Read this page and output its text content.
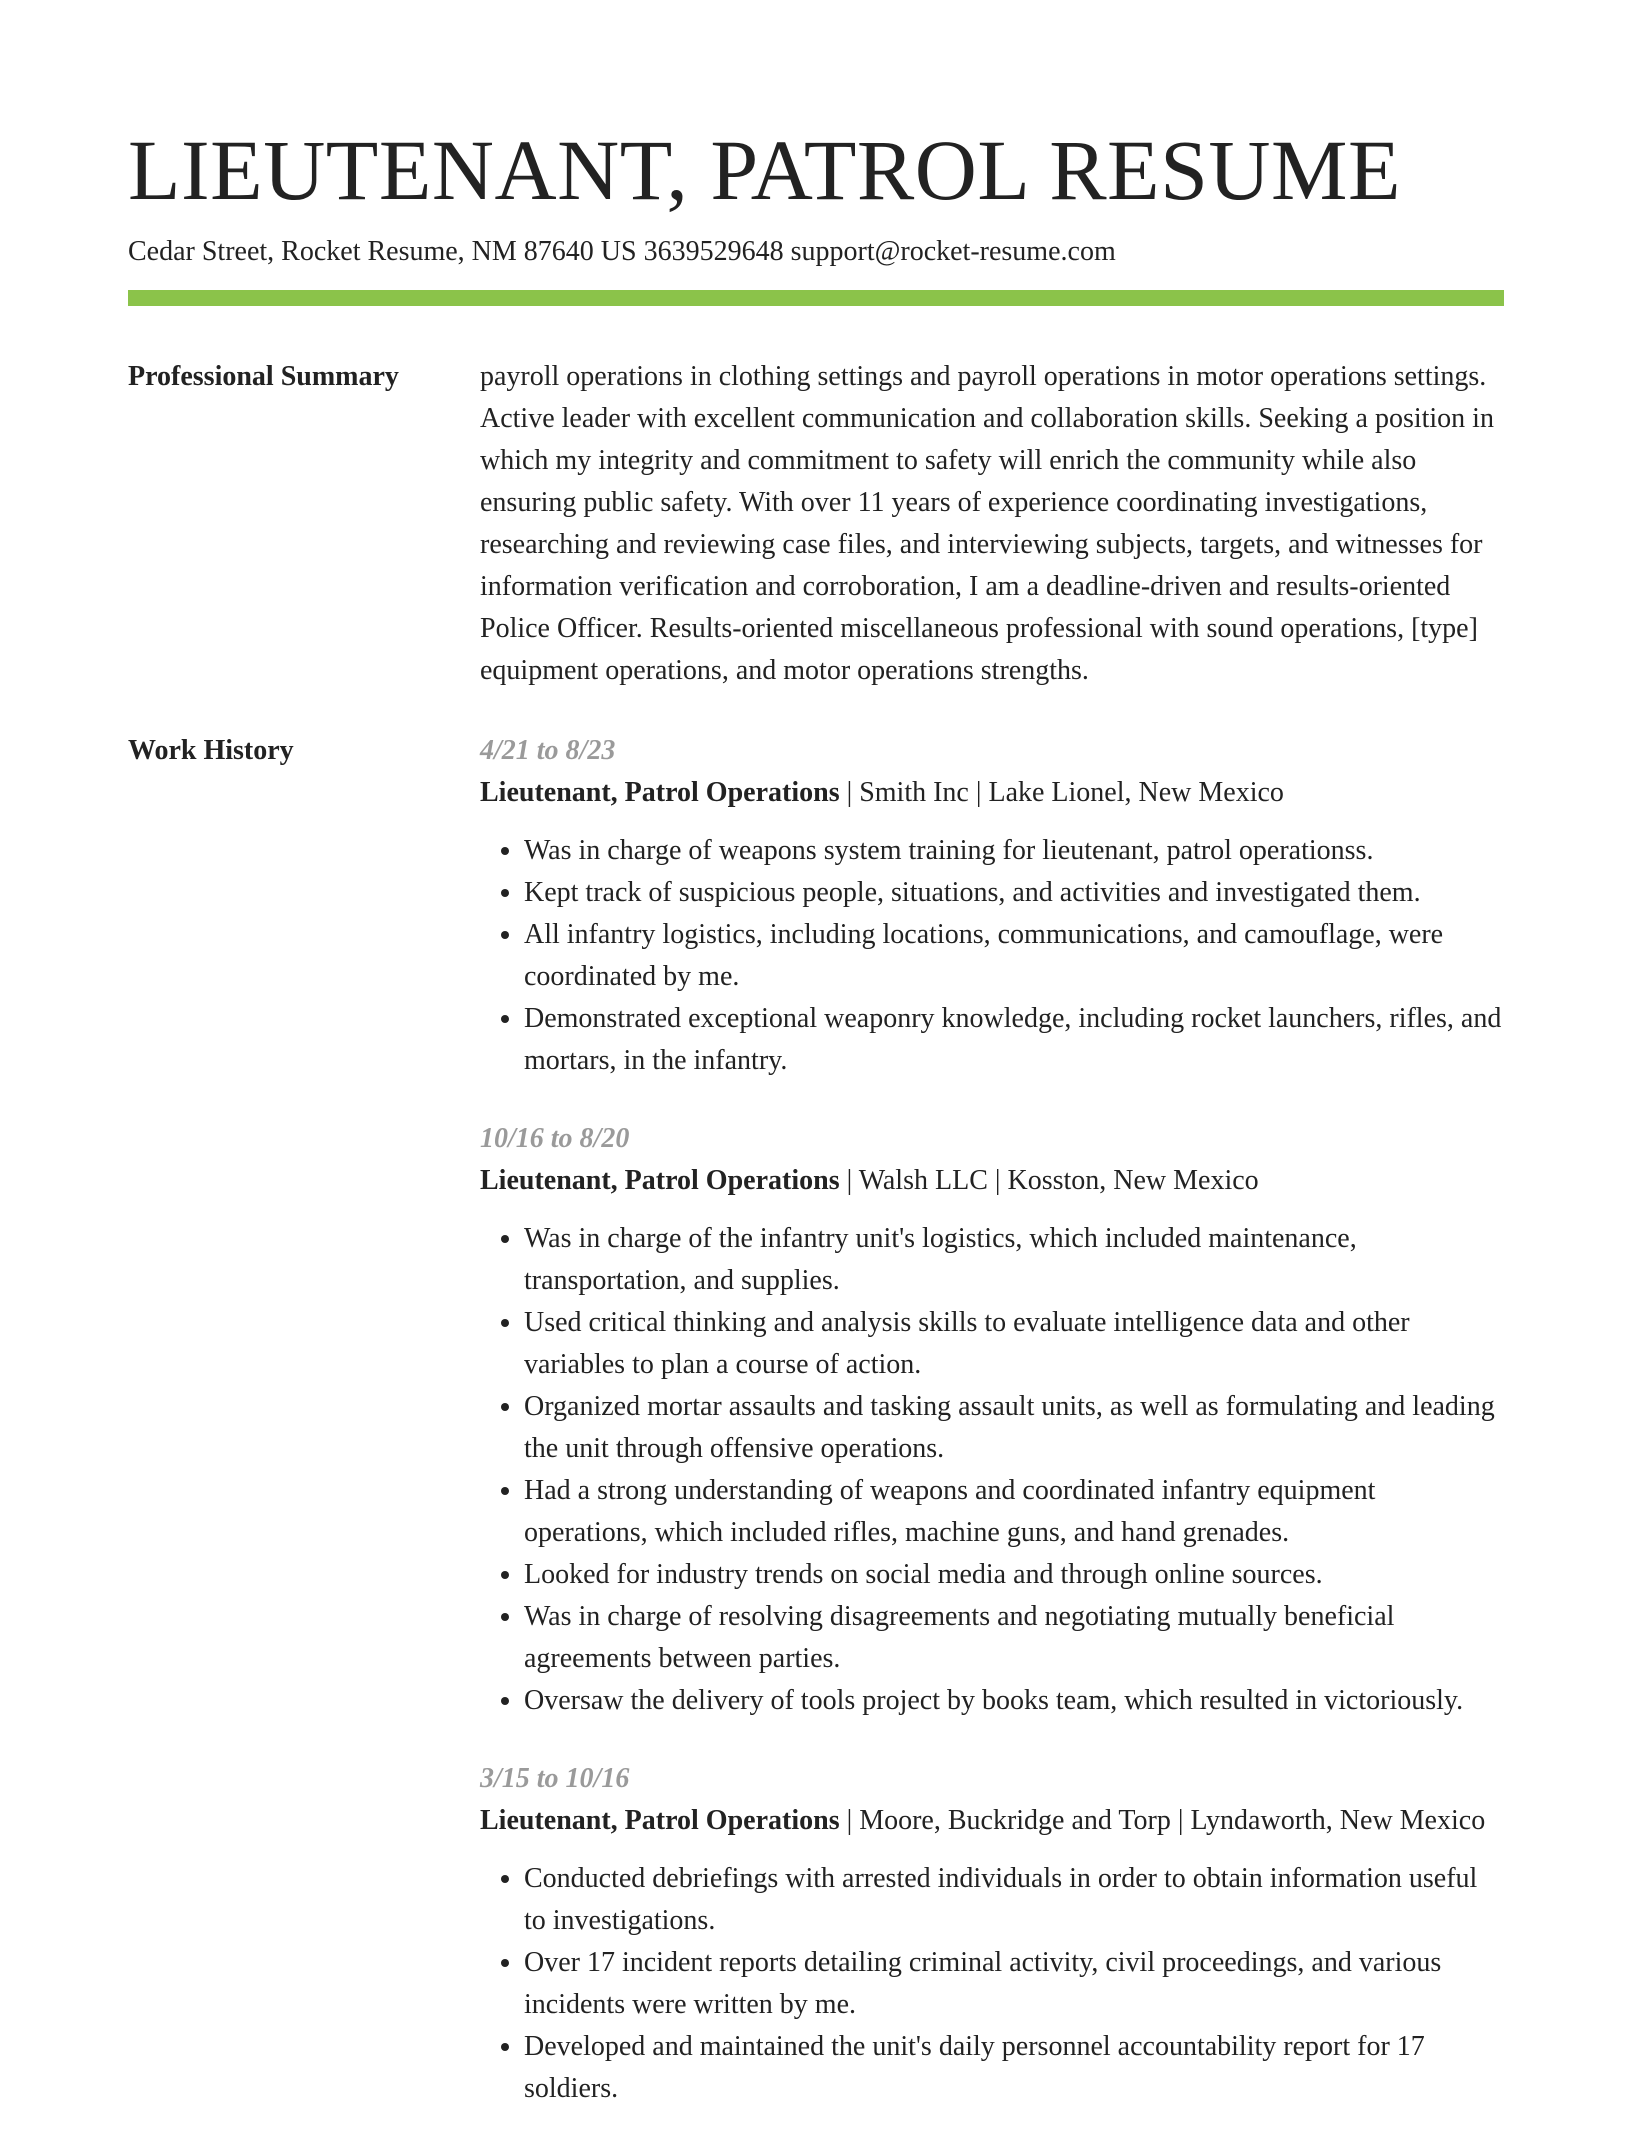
LIEUTENANT, PATROL RESUME
Cedar Street, Rocket Resume, NM 87640 US 3639529648 support@rocket-resume.com
Professional Summary	payroll operations in clothing settings and payroll operations in motor operations settings. Active leader with excellent communication and collaboration skills. Seeking a position in which my integrity and commitment to safety will enrich the community while also ensuring public safety. With over 11 years of experience coordinating investigations, researching and reviewing case files, and interviewing subjects, targets, and witnesses for information verification and corroboration, I am a deadline-driven and results-oriented Police Officer. Results-oriented miscellaneous professional with sound operations, [type] equipment operations, and motor operations strengths.

Work History	4/21 to 8/23
Lieutenant, Patrol Operations | Smith Inc | Lake Lionel, New Mexico
• Was in charge of weapons system training for lieutenant, patrol operationss.
• Kept track of suspicious people, situations, and activities and investigated them.
• All infantry logistics, including locations, communications, and camouflage, were coordinated by me.
• Demonstrated exceptional weaponry knowledge, including rocket launchers, rifles, and mortars, in the infantry.
10/16 to 8/20
Lieutenant, Patrol Operations | Walsh LLC | Kosston, New Mexico
• Was in charge of the infantry unit's logistics, which included maintenance, transportation, and supplies.
• Used critical thinking and analysis skills to evaluate intelligence data and other variables to plan a course of action.
• Organized mortar assaults and tasking assault units, as well as formulating and leading the unit through offensive operations.
• Had a strong understanding of weapons and coordinated infantry equipment operations, which included rifles, machine guns, and hand grenades.
• Looked for industry trends on social media and through online sources.
• Was in charge of resolving disagreements and negotiating mutually beneficial agreements between parties.
• Oversaw the delivery of tools project by books team, which resulted in victoriously.
3/15 to 10/16
Lieutenant, Patrol Operations | Moore, Buckridge and Torp | Lyndaworth, New Mexico
• Conducted debriefings with arrested individuals in order to obtain information useful to investigations.
• Over 17 incident reports detailing criminal activity, civil proceedings, and various incidents were written by me.
• Developed and maintained the unit's daily personnel accountability report for 17 soldiers.
